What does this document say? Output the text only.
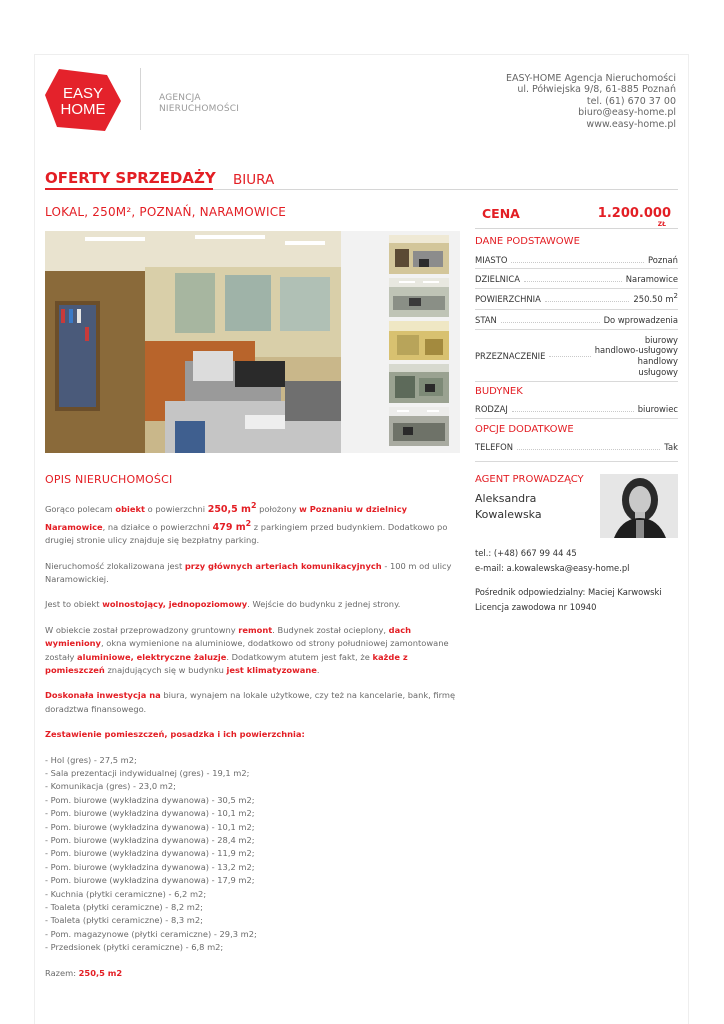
EASY
HOME
AGENCJA
NIERUCHOMOŚCI
EASY-HOME Agencja Nieruchomości
ul. Półwiejska 9/8, 61-885 Poznań
tel. (61) 670 37 00
biuro@easy-home.pl
www.easy-home.pl
OFERTY SPRZEDAŻY BIURA
LOKAL, 250M², POZNAŃ, NARAMOWICE
OPIS NIERUCHOMOŚCI

Gorąco polecam obiekt o powierzchni 250,5 $m^2$ położony w Poznaniu w dzielnicy Naramowice, na działce o powierzchni 479 $m^2$ z parkingiem przed budynkiem. Dodatkowo po drugiej stronie ulicy znajduje się bezpłatny parking.

Nieruchomość zlokalizowana jest przy głównych arteriach komunikacyjnych - 100 m od ulicy Naramowickiej.

Jest to obiekt wolnostojący, jednopoziomowy. Wejście do budynku z jednej strony.

W obiekcie został przeprowadzony gruntowny remont. Budynek został ocieplony, dach wymieniony, okna wymienione na aluminiowe, dodatkowo od strony południowej zamontowane zostały aluminiowe, elektryczne żaluzje. Dodatkowym atutem jest fakt, że każde z pomieszczeń znajdujących się w budynku jest klimatyzowane.

Doskonała inwestycja na biura, wynajem na lokale użytkowe, czy też na kancelarie, bank, firmę doradztwa finansowego.

Zestawienie pomieszczeń, posadzka i ich powierzchnia:

- Hol (gres) - 27,5 m2;
- Sala prezentacji indywidualnej (gres) - 19,1 m2;
- Komunikacja (gres) - 23,0 m2;
- Pom. biurowe (wykładzina dywanowa) - 30,5 m2;
- Pom. biurowe (wykładzina dywanowa) - 10,1 m2;
- Pom. biurowe (wykładzina dywanowa) - 10,1 m2;
- Pom. biurowe (wykładzina dywanowa) - 28,4 m2;
- Pom. biurowe (wykładzina dywanowa) - 11,9 m2;
- Pom. biurowe (wykładzina dywanowa) - 13,2 m2;
- Pom. biurowe (wykładzina dywanowa) - 17,9 m2;
- Kuchnia (płytki ceramiczne) - 6,2 m2;
- Toaleta (płytki ceramiczne) - 8,2 m2;
- Toaleta (płytki ceramiczne) - 8,3 m2;
- Pom. magazynowe (płytki ceramiczne) - 29,3 m2;
- Przedsionek (płytki ceramiczne) - 6,8 m2;

Razem: 250,5 m2

CENA	1.200.000
ZŁ
DANE PODSTAWOWE
MIASTO	Poznań
DZIELNICA	Naramowice
POWIERZCHNIA	250.50 $m^2$
STAN	Do wprowadzenia
PRZEZNACZENIE
biurowy
handlowo-usługowy
handlowy
usługowy
BUDYNEK
RODZAJ	biurowiec
OPCJE DODATKOWE
TELEFON	Tak
AGENT PROWADZĄCY
Aleksandra
Kowalewska
tel.: (+48) 667 99 44 45
e-mail: a.kowalewska@easy-home.pl
Pośrednik odpowiedzialny: Maciej Karwowski
Licencja zawodowa nr 10940
